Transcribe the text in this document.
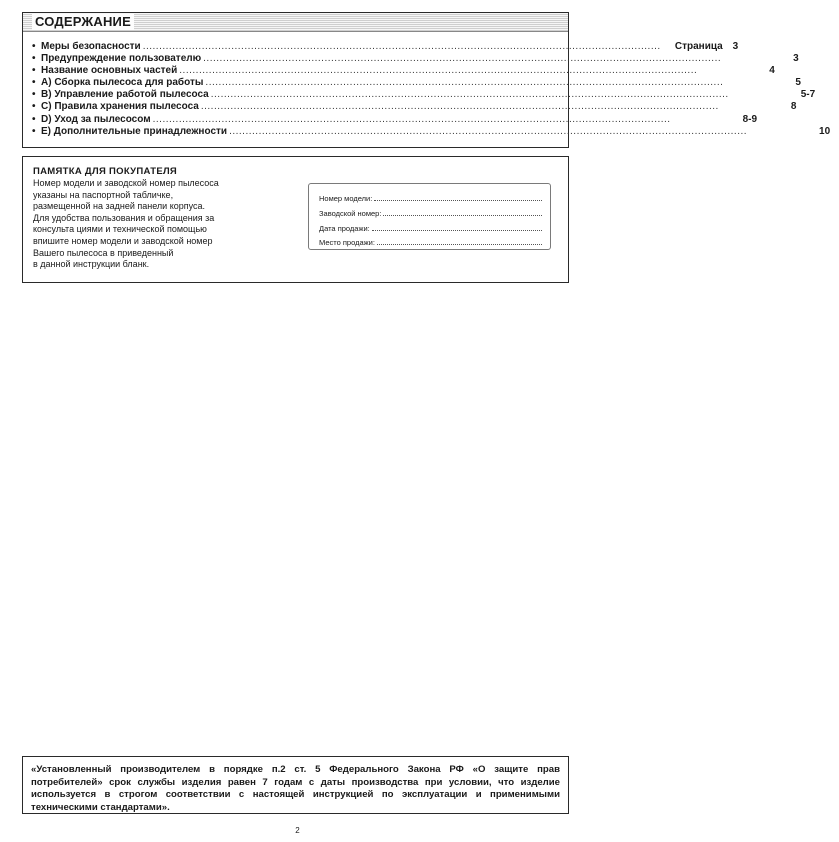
СОДЕРЖАНИЕ
• Меры безопасности ..............................................................................................................................................................	Страница	3
• Предупреждение пользователю ..............................................................................................................................................................	3
• Название основных частей ..............................................................................................................................................................	4
• A) Сборка пылесоса для работы ..............................................................................................................................................................	5
• B) Управление работой пылесоса ..............................................................................................................................................................	5-7
• C) Правила хранения пылесоса ..............................................................................................................................................................	8
• D) Уход за пылесосом ..............................................................................................................................................................	8-9
• E) Дополнительные принадлежности ..............................................................................................................................................................	10
ПАМЯТКА ДЛЯ ПОКУПАТЕЛЯ
Номер модели и заводской номер пылесоса
указаны на паспортной табличке,
размещенной на задней панели корпуса.
Для удобства пользования и обращения за
консульта циями и технической помощью
впишите номер модели и заводской номер
Вашего пылесоса в приведенный
в данной инструкции бланк.
Номер модели:
Заводской номер:
Дата продажи:
Место продажи:
«Установленный производителем в порядке п.2 ст. 5 Федерального Закона РФ «О защите прав потребителей» срок службы изделия равен 7 годам с даты производства при условии, что изделие используется в строгом соответствии с настоящей инструкцией по эксплуатации и применимыми техническими стандартами».
2
